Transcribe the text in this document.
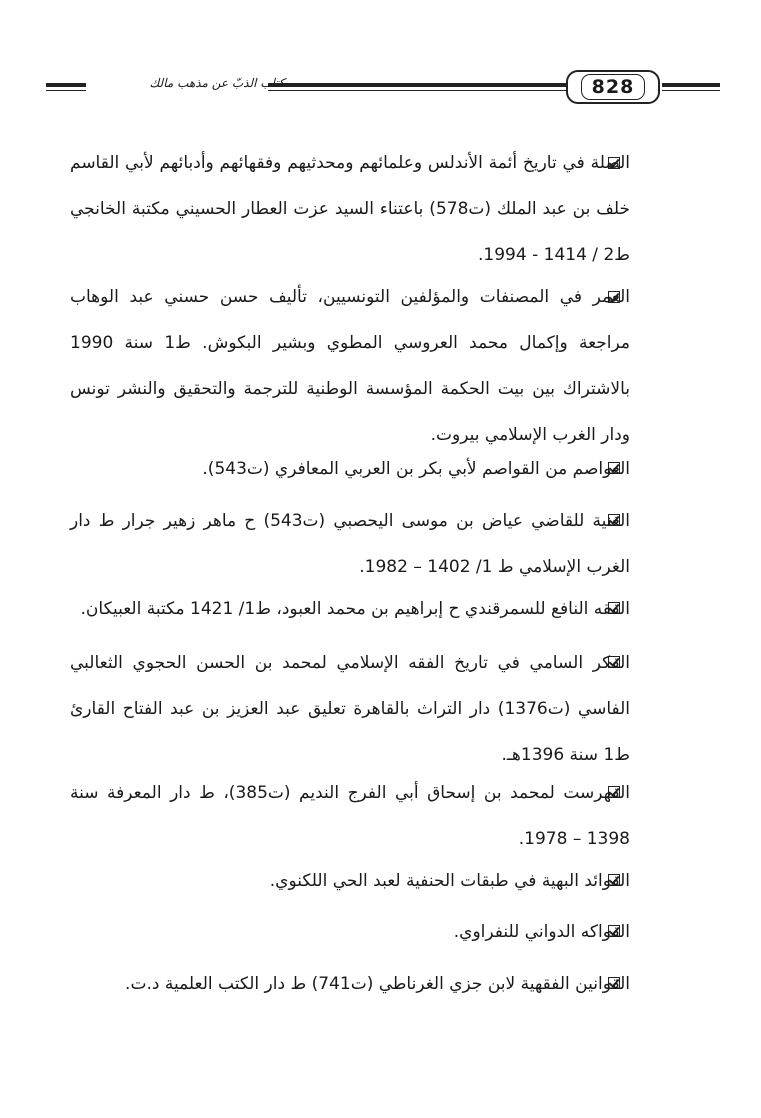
828
كتاب الذبّ عن مذهب مالك
الصلة في تاريخ أئمة الأندلس وعلمائهم ومحدثيهم وفقهائهم وأدبائهم لأبي القاسم خلف بن عبد الملك (ت578) باعتناء السيد عزت العطار الحسيني مكتبة الخانجي ط2 / 1414 - 1994.
العمر في المصنفات والمؤلفين التونسيين، تأليف حسن حسني عبد الوهاب مراجعة وإكمال محمد العروسي المطوي وبشير البكوش. ط1 سنة 1990 بالاشتراك بين بيت الحكمة المؤسسة الوطنية للترجمة والتحقيق والنشر تونس ودار الغرب الإسلامي بيروت.
العواصم من القواصم لأبي بكر بن العربي المعافري (ت543).
الغنية للقاضي عياض بن موسى اليحصبي (ت543) ح ماهر زهير جرار ط دار الغرب الإسلامي ط 1/ 1402 – 1982.
الفقه النافع للسمرقندي ح إبراهيم بن محمد العبود، ط1/ 1421 مكتبة العبيكان.
الفكر السامي في تاريخ الفقه الإسلامي لمحمد بن الحسن الحجوي الثعالبي الفاسي (ت1376) دار التراث بالقاهرة تعليق عبد العزيز بن عبد الفتاح القارئ ط1 سنة 1396هـ.
الفهرست لمحمد بن إسحاق أبي الفرج النديم (ت385)، ط دار المعرفة سنة 1398 – 1978.
الفوائد البهية في طبقات الحنفية لعبد الحي اللكنوي.
الفواكه الدواني للنفراوي.
القوانين الفقهية لابن جزي الغرناطي (ت741) ط دار الكتب العلمية د.ت.
